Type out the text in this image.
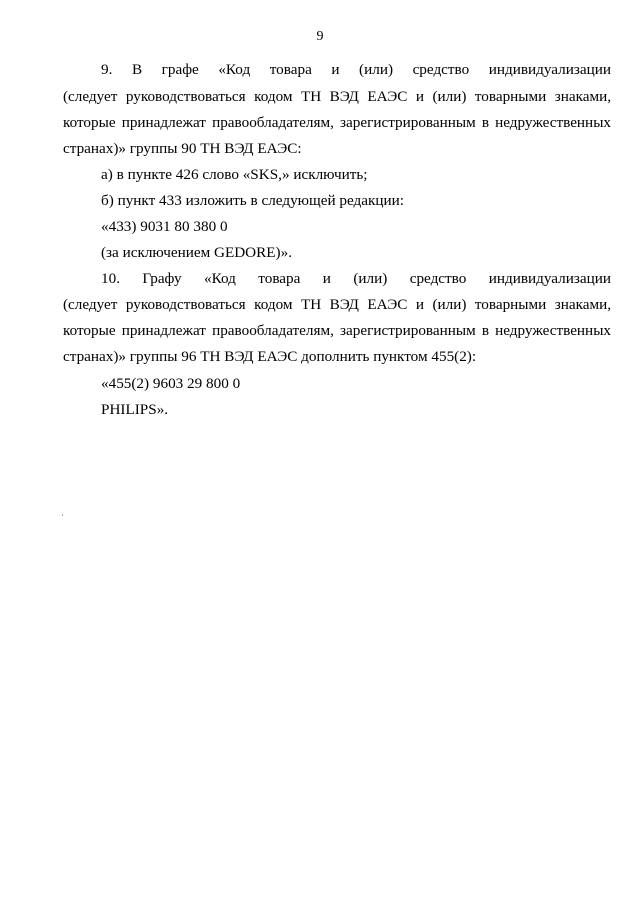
9
9. В графе «Код товара и (или) средство индивидуализации
(следует руководствоваться кодом ТН ВЭД ЕАЭС и (или) товарными знаками,
которые принадлежат правообладателям, зарегистрированным в недружественных
странах)» группы 90 ТН ВЭД ЕАЭС:
а) в пункте 426 слово «SKS,» исключить;
б) пункт 433 изложить в следующей редакции:
«433) 9031 80 380 0
(за исключением GEDORE)».
10. Графу «Код товара и (или) средство индивидуализации
(следует руководствоваться кодом ТН ВЭД ЕАЭС и (или) товарными знаками,
которые принадлежат правообладателям, зарегистрированным в недружественных
странах)» группы 96 ТН ВЭД ЕАЭС дополнить пунктом 455(2):
«455(2) 9603 29 800 0
PHILIPS».
